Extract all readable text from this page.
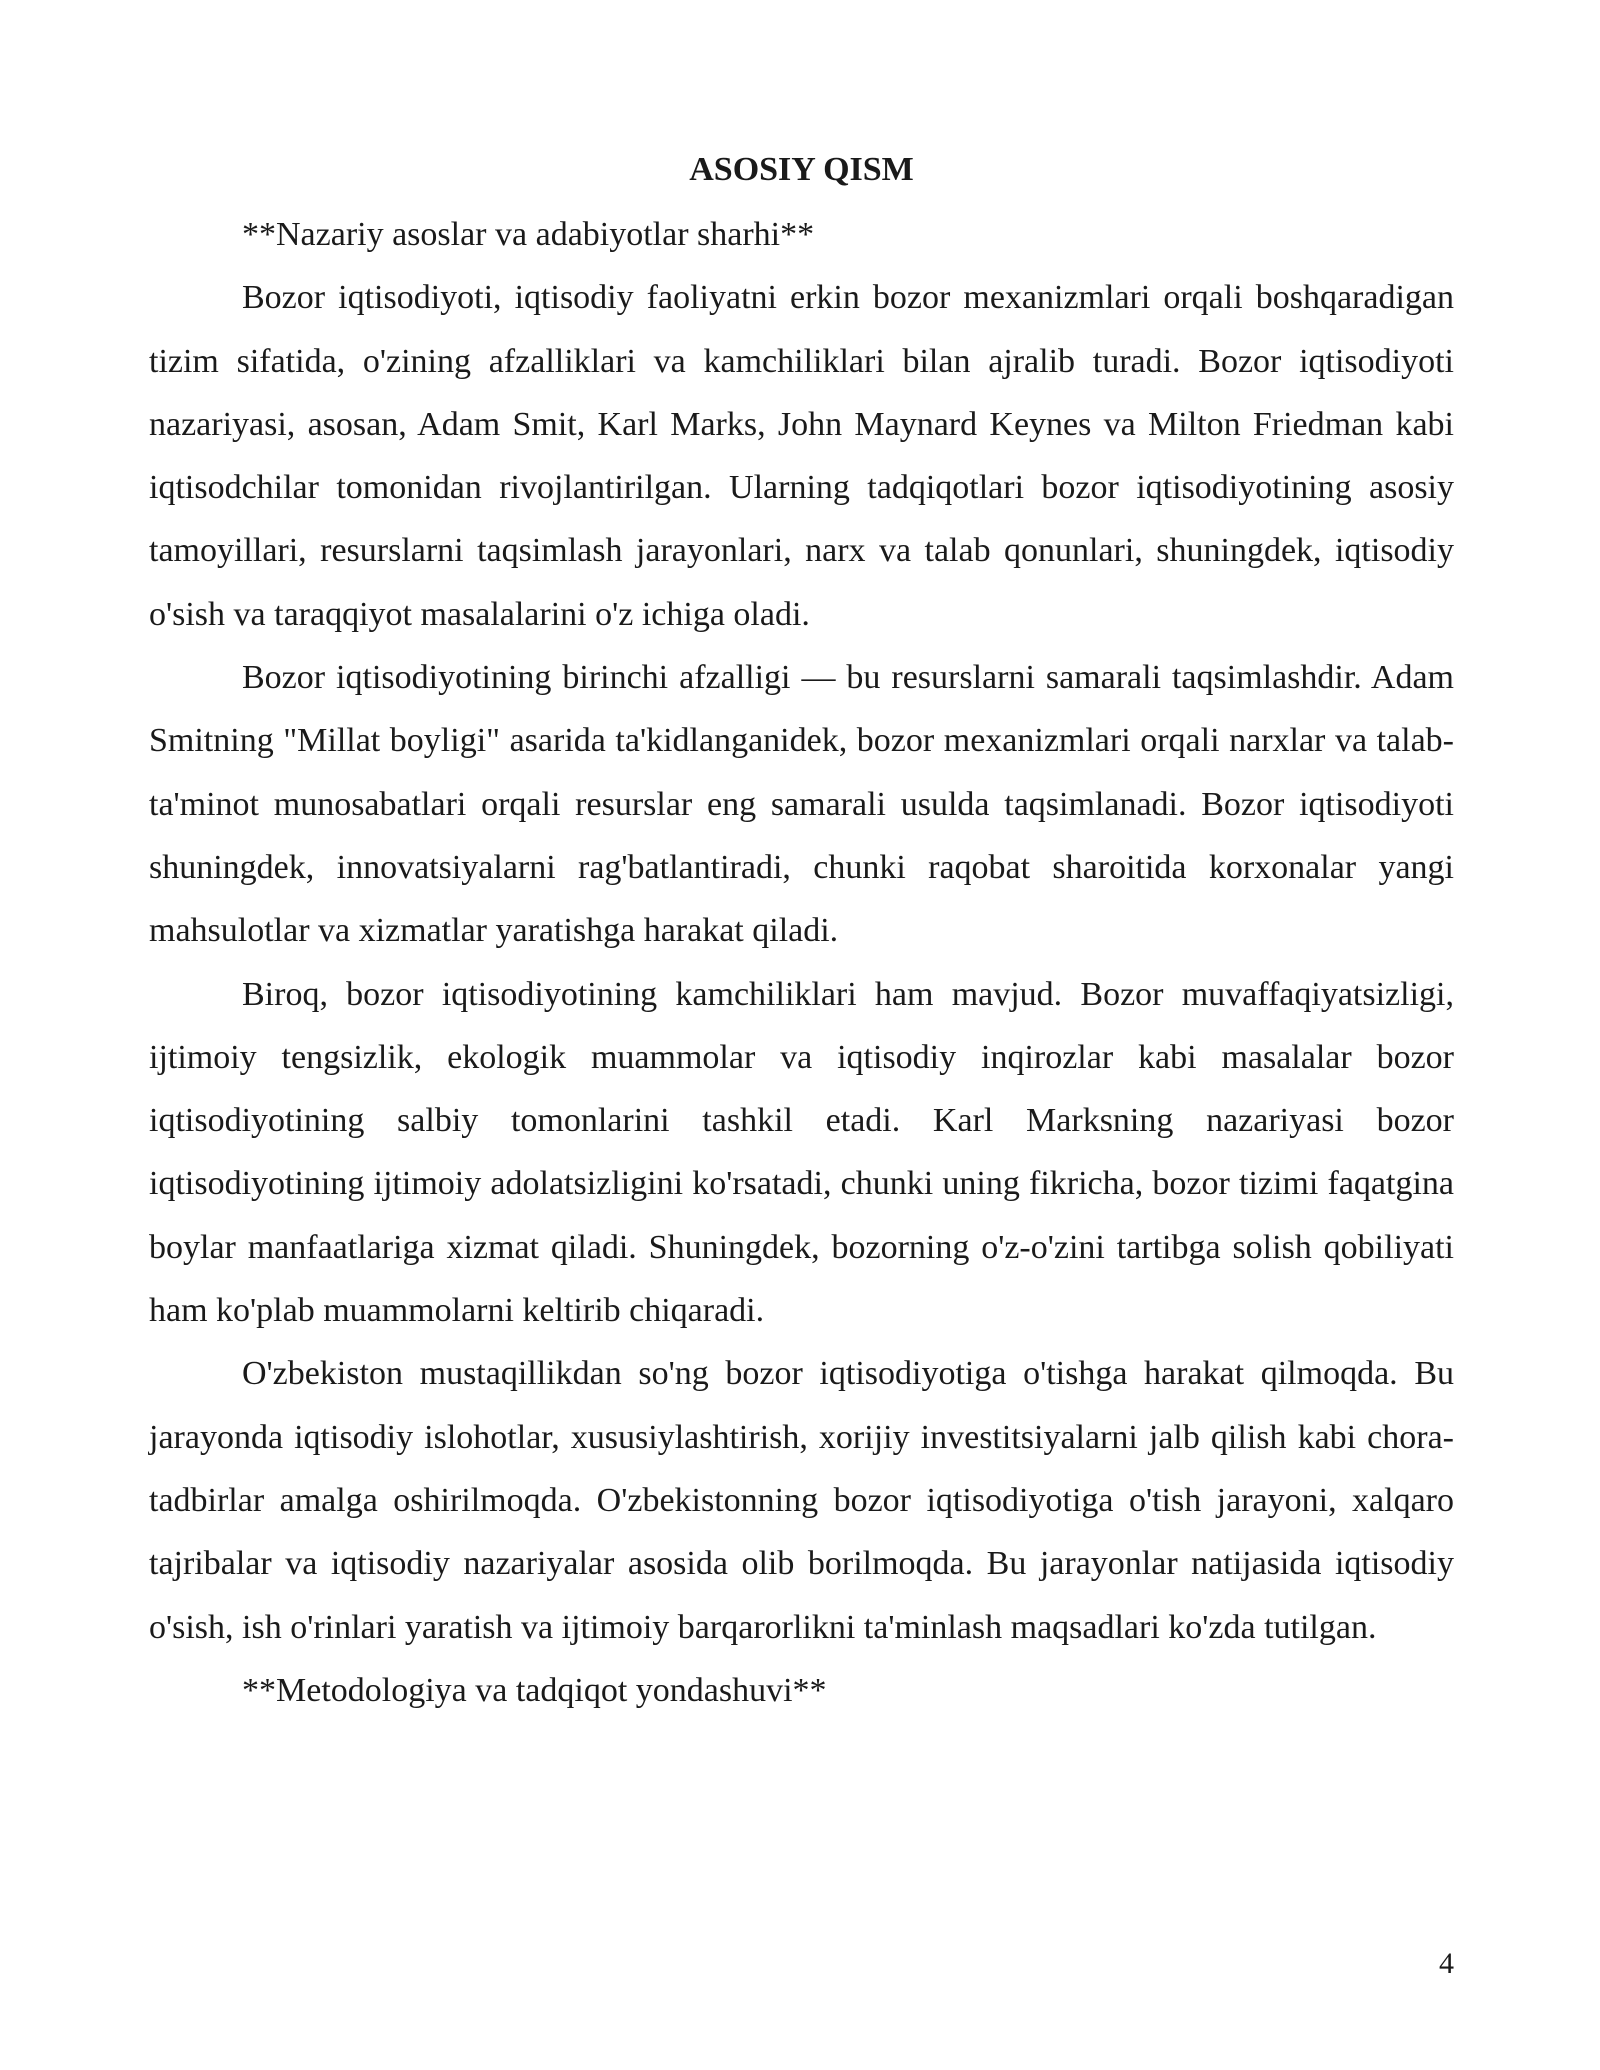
ASOSIY QISM

**Nazariy asoslar va adabiyotlar sharhi**

Bozor iqtisodiyoti, iqtisodiy faoliyatni erkin bozor mexanizmlari orqali boshqaradigan tizim sifatida, o'zining afzalliklari va kamchiliklari bilan ajralib turadi. Bozor iqtisodiyoti nazariyasi, asosan, Adam Smit, Karl Marks, John Maynard Keynes va Milton Friedman kabi iqtisodchilar tomonidan rivojlantirilgan. Ularning tadqiqotlari bozor iqtisodiyotining asosiy tamoyillari, resurslarni taqsimlash jarayonlari, narx va talab qonunlari, shuningdek, iqtisodiy o'sish va taraqqiyot masalalarini o'z ichiga oladi.

Bozor iqtisodiyotining birinchi afzalligi — bu resurslarni samarali taqsimlashdir. Adam Smitning "Millat boyligi" asarida ta'kidlanganidek, bozor mexanizmlari orqali narxlar va talab-ta'minot munosabatlari orqali resurslar eng samarali usulda taqsimlanadi. Bozor iqtisodiyoti shuningdek, innovatsiyalarni rag'batlantiradi, chunki raqobat sharoitida korxonalar yangi mahsulotlar va xizmatlar yaratishga harakat qiladi.

Biroq, bozor iqtisodiyotining kamchiliklari ham mavjud. Bozor muvaffaqiyatsizligi, ijtimoiy tengsizlik, ekologik muammolar va iqtisodiy inqirozlar kabi masalalar bozor iqtisodiyotining salbiy tomonlarini tashkil etadi. Karl Marksning nazariyasi bozor iqtisodiyotining ijtimoiy adolatsizligini ko'rsatadi, chunki uning fikricha, bozor tizimi faqatgina boylar manfaatlariga xizmat qiladi. Shuningdek, bozorning o'z-o'zini tartibga solish qobiliyati ham ko'plab muammolarni keltirib chiqaradi.

O'zbekiston mustaqillikdan so'ng bozor iqtisodiyotiga o'tishga harakat qilmoqda. Bu jarayonda iqtisodiy islohotlar, xususiylashtirish, xorijiy investitsiyalarni jalb qilish kabi chora-tadbirlar amalga oshirilmoqda. O'zbekistonning bozor iqtisodiyotiga o'tish jarayoni, xalqaro tajribalar va iqtisodiy nazariyalar asosida olib borilmoqda. Bu jarayonlar natijasida iqtisodiy o'sish, ish o'rinlari yaratish va ijtimoiy barqarorlikni ta'minlash maqsadlari ko'zda tutilgan.

**Metodologiya va tadqiqot yondashuvi**

4
